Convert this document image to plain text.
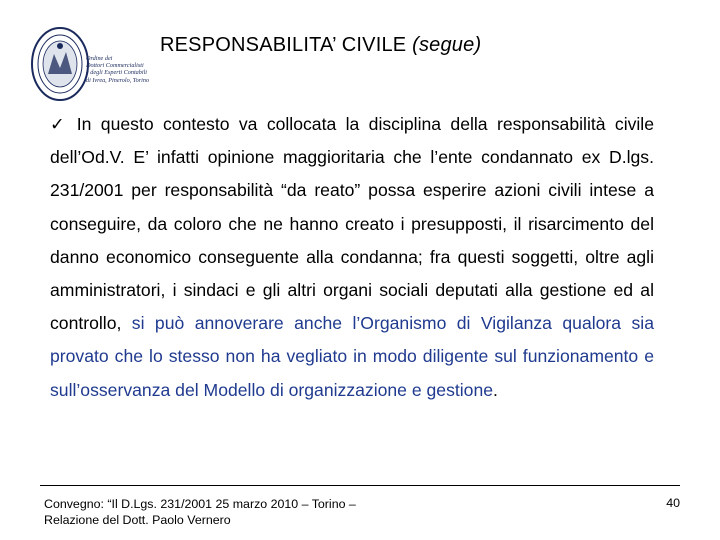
Ordine dei
Dottori Commercialisti
e degli Esperti Contabili
di Ivrea, Pinerolo, Torino
RESPONSABILITA’ CIVILE (segue)
✓ In questo contesto va collocata la disciplina della responsabilità civile dell’Od.V. E’ infatti opinione maggioritaria che l’ente condannato ex D.lgs. 231/2001 per responsabilità “da reato” possa esperire azioni civili intese a conseguire, da coloro che ne hanno creato i presupposti, il risarcimento del danno economico conseguente alla condanna; fra questi soggetti, oltre agli amministratori, i sindaci e gli altri organi sociali deputati alla gestione ed al controllo, si può annoverare anche l’Organismo di Vigilanza qualora sia provato che lo stesso non ha vegliato in modo diligente sul funzionamento e sull’osservanza del Modello di organizzazione e gestione.
Convegno: “Il D.Lgs. 231/2001 25 marzo 2010 – Torino –
Relazione del Dott. Paolo Vernero
40
